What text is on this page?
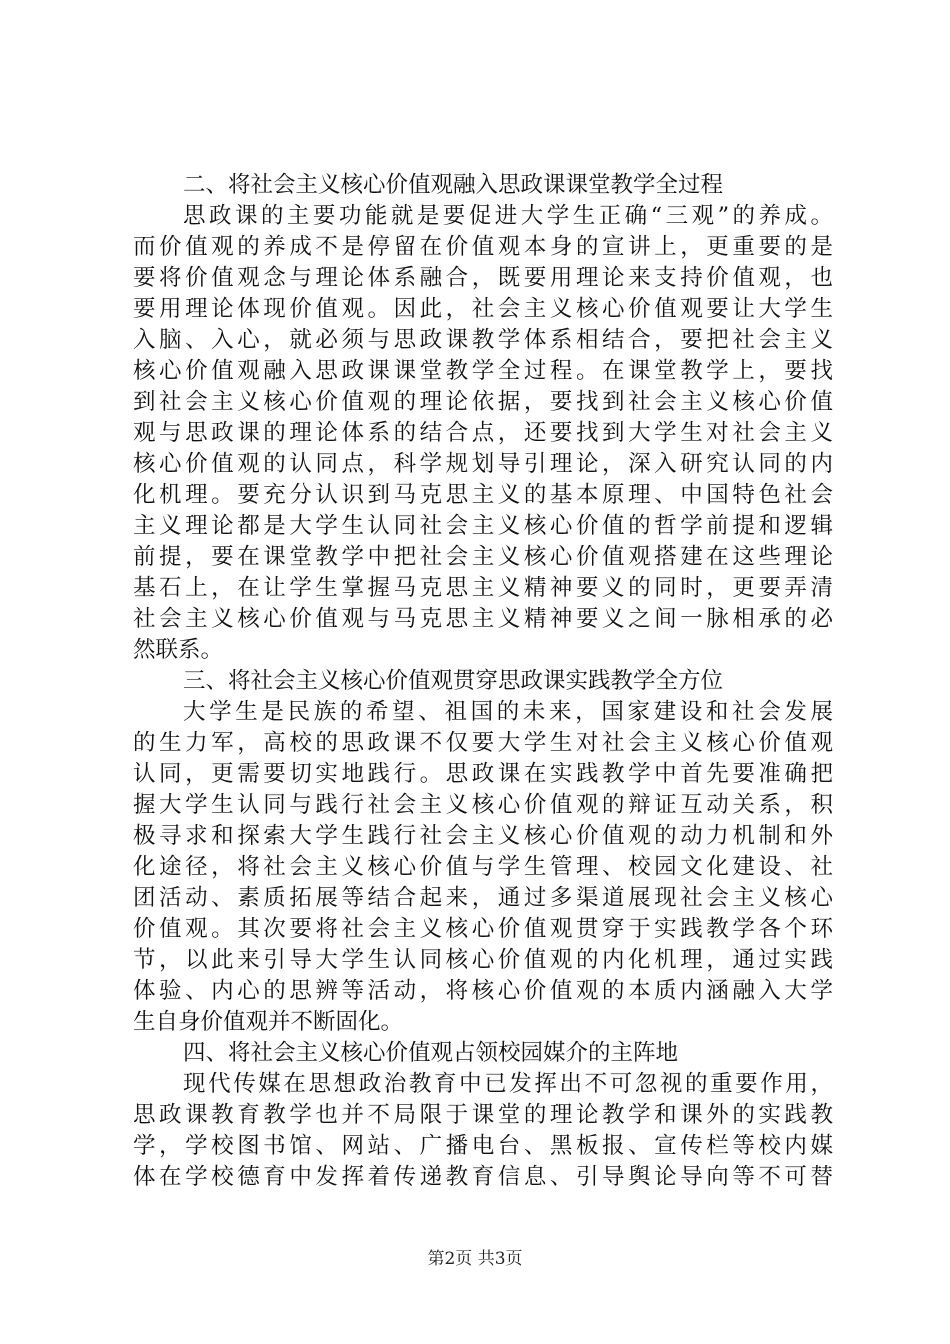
二、将社会主义核心价值观融入思政课课堂教学全过程
思政课的主要功能就是要促进大学生正确“三观”的养成。
而价值观的养成不是停留在价值观本身的宣讲上，更重要的是
要将价值观念与理论体系融合，既要用理论来支持价值观，也
要用理论体现价值观。因此，社会主义核心价值观要让大学生
入脑、入心，就必须与思政课教学体系相结合，要把社会主义
核心价值观融入思政课课堂教学全过程。在课堂教学上，要找
到社会主义核心价值观的理论依据，要找到社会主义核心价值
观与思政课的理论体系的结合点，还要找到大学生对社会主义
核心价值观的认同点，科学规划导引理论，深入研究认同的内
化机理。要充分认识到马克思主义的基本原理、中国特色社会
主义理论都是大学生认同社会主义核心价值的哲学前提和逻辑
前提，要在课堂教学中把社会主义核心价值观搭建在这些理论
基石上，在让学生掌握马克思主义精神要义的同时，更要弄清
社会主义核心价值观与马克思主义精神要义之间一脉相承的必
然联系。
三、将社会主义核心价值观贯穿思政课实践教学全方位
大学生是民族的希望、祖国的未来，国家建设和社会发展
的生力军，高校的思政课不仅要大学生对社会主义核心价值观
认同，更需要切实地践行。思政课在实践教学中首先要准确把
握大学生认同与践行社会主义核心价值观的辩证互动关系，积
极寻求和探索大学生践行社会主义核心价值观的动力机制和外
化途径，将社会主义核心价值与学生管理、校园文化建设、社
团活动、素质拓展等结合起来，通过多渠道展现社会主义核心
价值观。其次要将社会主义核心价值观贯穿于实践教学各个环
节，以此来引导大学生认同核心价值观的内化机理，通过实践
体验、内心的思辨等活动，将核心价值观的本质内涵融入大学
生自身价值观并不断固化。
四、将社会主义核心价值观占领校园媒介的主阵地
现代传媒在思想政治教育中已发挥出不可忽视的重要作用，
思政课教育教学也并不局限于课堂的理论教学和课外的实践教
学，学校图书馆、网站、广播电台、黑板报、宣传栏等校内媒
体在学校德育中发挥着传递教育信息、引导舆论导向等不可替
第2页 共3页
